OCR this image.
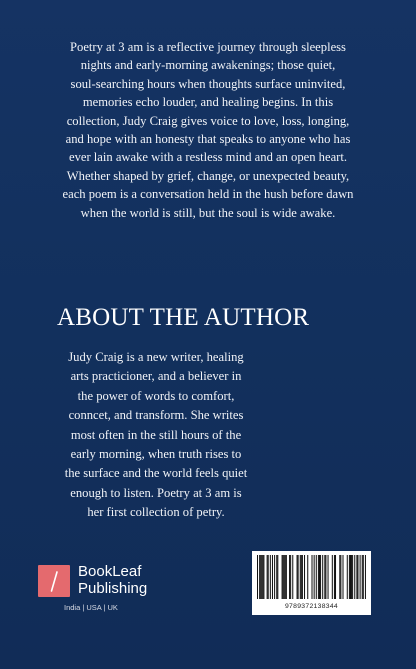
Poetry at 3 am is a reflective journey through sleepless
nights and early-morning awakenings; those quiet,
soul-searching hours when thoughts surface uninvited,
memories echo louder, and healing begins. In this
collection, Judy Craig gives voice to love, loss, longing,
and hope with an honesty that speaks to anyone who has
ever lain awake with a restless mind and an open heart.
Whether shaped by grief, change, or unexpected beauty,
each poem is a conversation held in the hush before dawn
when the world is still, but the soul is wide awake.
ABOUT THE AUTHOR
Judy Craig is a new writer, healing
arts practicioner, and a believer in
the power of words to comfort,
conncet, and transform. She writes
most often in the still hours of the
early morning, when truth rises to
the surface and the world feels quiet
enough to listen. Poetry at 3 am is
her first collection of petry.
BookLeaf
Publishing
India | USA | UK	9789372138344
